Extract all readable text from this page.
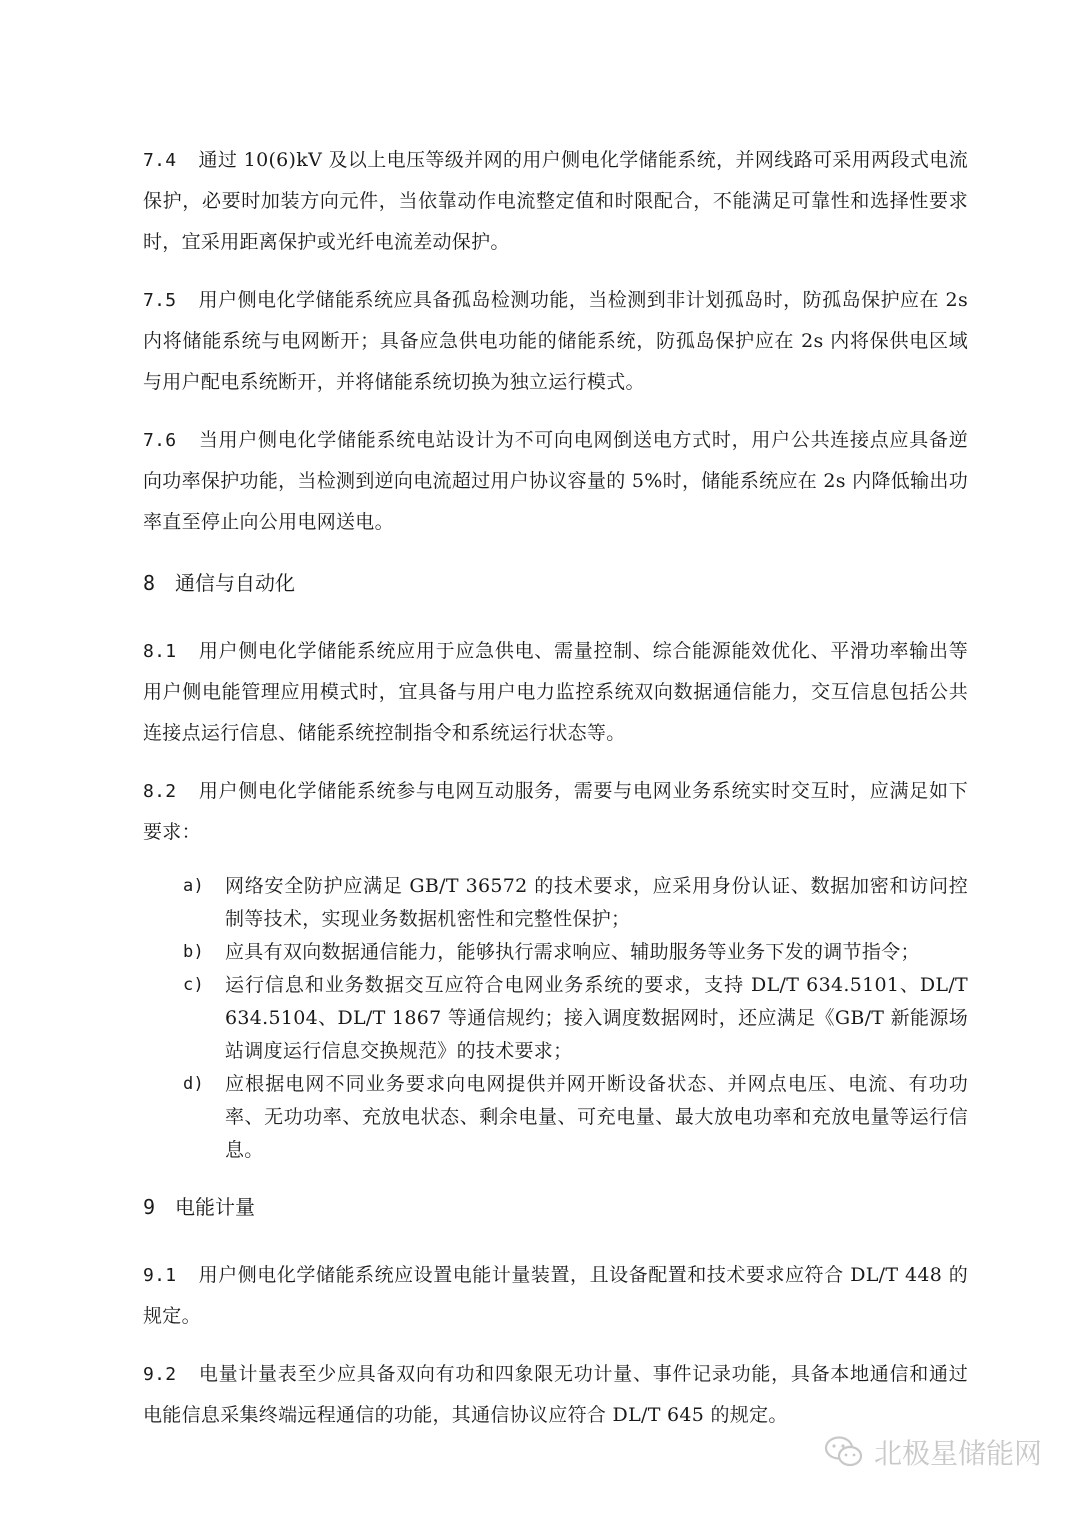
7.4 通过 10(6)kV 及以上电压等级并网的用户侧电化学储能系统，并网线路可采用两段式电流保护，必要时加装方向元件，当依靠动作电流整定值和时限配合，不能满足可靠性和选择性要求时，宜采用距离保护或光纤电流差动保护。

7.5 用户侧电化学储能系统应具备孤岛检测功能，当检测到非计划孤岛时，防孤岛保护应在 2s 内将储能系统与电网断开；具备应急供电功能的储能系统，防孤岛保护应在 2s 内将保供电区域与用户配电系统断开，并将储能系统切换为独立运行模式。

7.6 当用户侧电化学储能系统电站设计为不可向电网倒送电方式时，用户公共连接点应具备逆向功率保护功能，当检测到逆向电流超过用户协议容量的 5%时，储能系统应在 2s 内降低输出功率直至停止向公用电网送电。

8 通信与自动化

8.1 用户侧电化学储能系统应用于应急供电、需量控制、综合能源能效优化、平滑功率输出等用户侧电能管理应用模式时，宜具备与用户电力监控系统双向数据通信能力，交互信息包括公共连接点运行信息、储能系统控制指令和系统运行状态等。

8.2 用户侧电化学储能系统参与电网互动服务，需要与电网业务系统实时交互时，应满足如下要求：

a)	网络安全防护应满足 GB/T 36572 的技术要求，应采用身份认证、数据加密和访问控制等技术，实现业务数据机密性和完整性保护；
b)	应具有双向数据通信能力，能够执行需求响应、辅助服务等业务下发的调节指令；
c)	运行信息和业务数据交互应符合电网业务系统的要求，支持 DL/T 634.5101、DL/T 634.5104、DL/T 1867 等通信规约；接入调度数据网时，还应满足《GB/T 新能源场站调度运行信息交换规范》的技术要求；
d)	应根据电网不同业务要求向电网提供并网开断设备状态、并网点电压、电流、有功功率、无功功率、充放电状态、剩余电量、可充电量、最大放电功率和充放电量等运行信息。
9 电能计量

9.1 用户侧电化学储能系统应设置电能计量装置，且设备配置和技术要求应符合 DL/T 448 的规定。

9.2 电量计量表至少应具备双向有功和四象限无功计量、事件记录功能，具备本地通信和通过电能信息采集终端远程通信的功能，其通信协议应符合 DL/T 645 的规定。

北极星储能网
